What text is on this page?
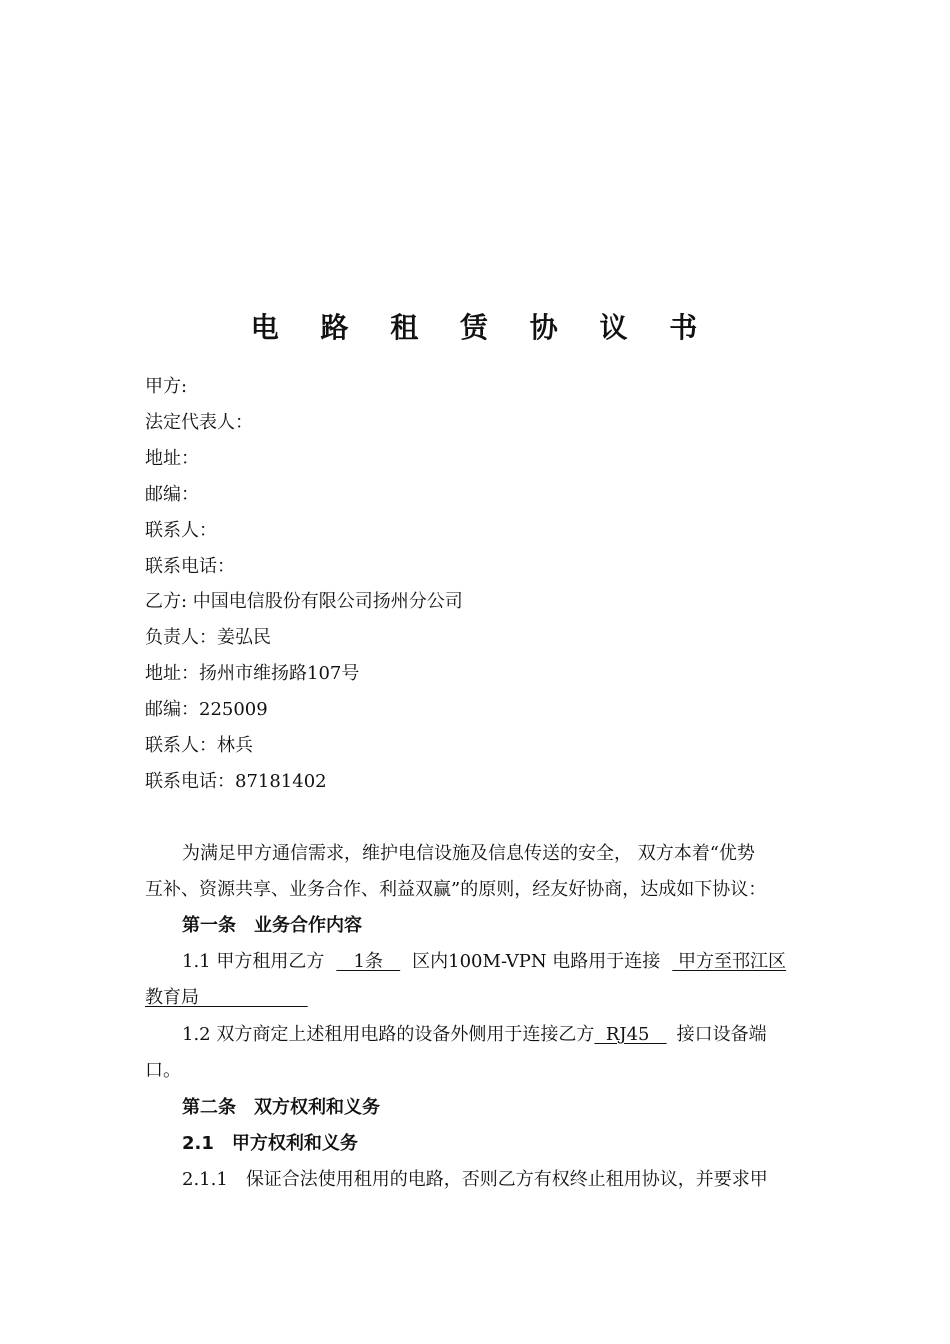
电 路 租 赁 协 议 书
甲方:
法定代表人：
地址：
邮编：
联系人：
联系电话：
乙方: 中国电信股份有限公司扬州分公司
负责人：姜弘民
地址：扬州市维扬路107号
邮编：225009
联系人：林兵
联系电话：87181402
为满足甲方通信需求，维护电信设施及信息传送的安全， 双方本着“优势
互补、资源共享、业务合作、利益双赢”的原则，经友好协商，达成如下协议：
第一条　业务合作内容
1.1 甲方租用乙方 1条 区内100M-VPN 电路用于连接 甲方至邗江区
教育局
1.2 双方商定上述租用电路的设备外侧用于连接乙方 RJ45 接口设备端
口。
第二条　双方权利和义务
2.1　甲方权利和义务
2.1.1 保证合法使用租用的电路，否则乙方有权终止租用协议，并要求甲
